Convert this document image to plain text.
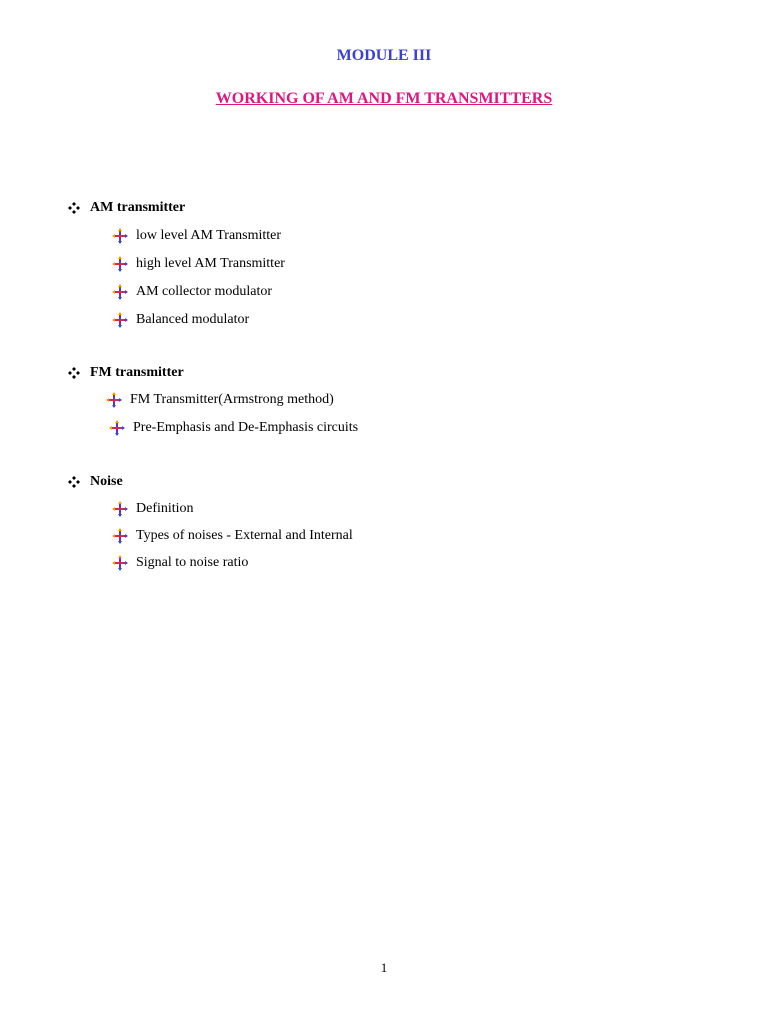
MODULE III
WORKING OF AM AND FM TRANSMITTERS
AM transmitter
low level AM Transmitter
high level AM Transmitter
AM collector modulator
Balanced modulator
FM transmitter
FM Transmitter(Armstrong method)
Pre-Emphasis and De-Emphasis circuits
Noise
Definition
Types of noises - External and Internal
Signal to noise ratio
1
